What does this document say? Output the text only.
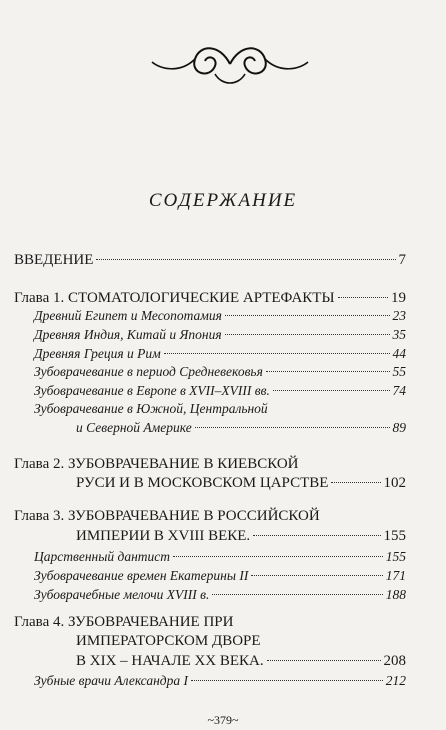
СОДЕРЖАНИЕ
ВВЕДЕНИЕ	7
Глава 1. СТОМАТОЛОГИЧЕСКИЕ АРТЕФАКТЫ	19
Древний Египет и Месопотамия	23
Древняя Индия, Китай и Япония	35
Древняя Греция и Рим	44
Зубоврачевание в период Средневековья	55
Зубоврачевание в Европе в XVII–XVIII вв.	74
Зубоврачевание в Южной, Центральной
и Северной Америке	89
Глава 2. ЗУБОВРАЧЕВАНИЕ В КИЕВСКОЙ
РУСИ И В МОСКОВСКОМ ЦАРСТВЕ	102
Глава 3. ЗУБОВРАЧЕВАНИЕ В РОССИЙСКОЙ
ИМПЕРИИ В XVIII ВЕКЕ.	155
Царственный дантист	155
Зубоврачевание времен Екатерины II	171
Зубоврачебные мелочи XVIII в.	188
Глава 4. ЗУБОВРАЧЕВАНИЕ ПРИ
ИМПЕРАТОРСКОМ ДВОРЕ
В XIX – НАЧАЛЕ XX ВЕКА.	208
Зубные врачи Александра I	212
~379~
